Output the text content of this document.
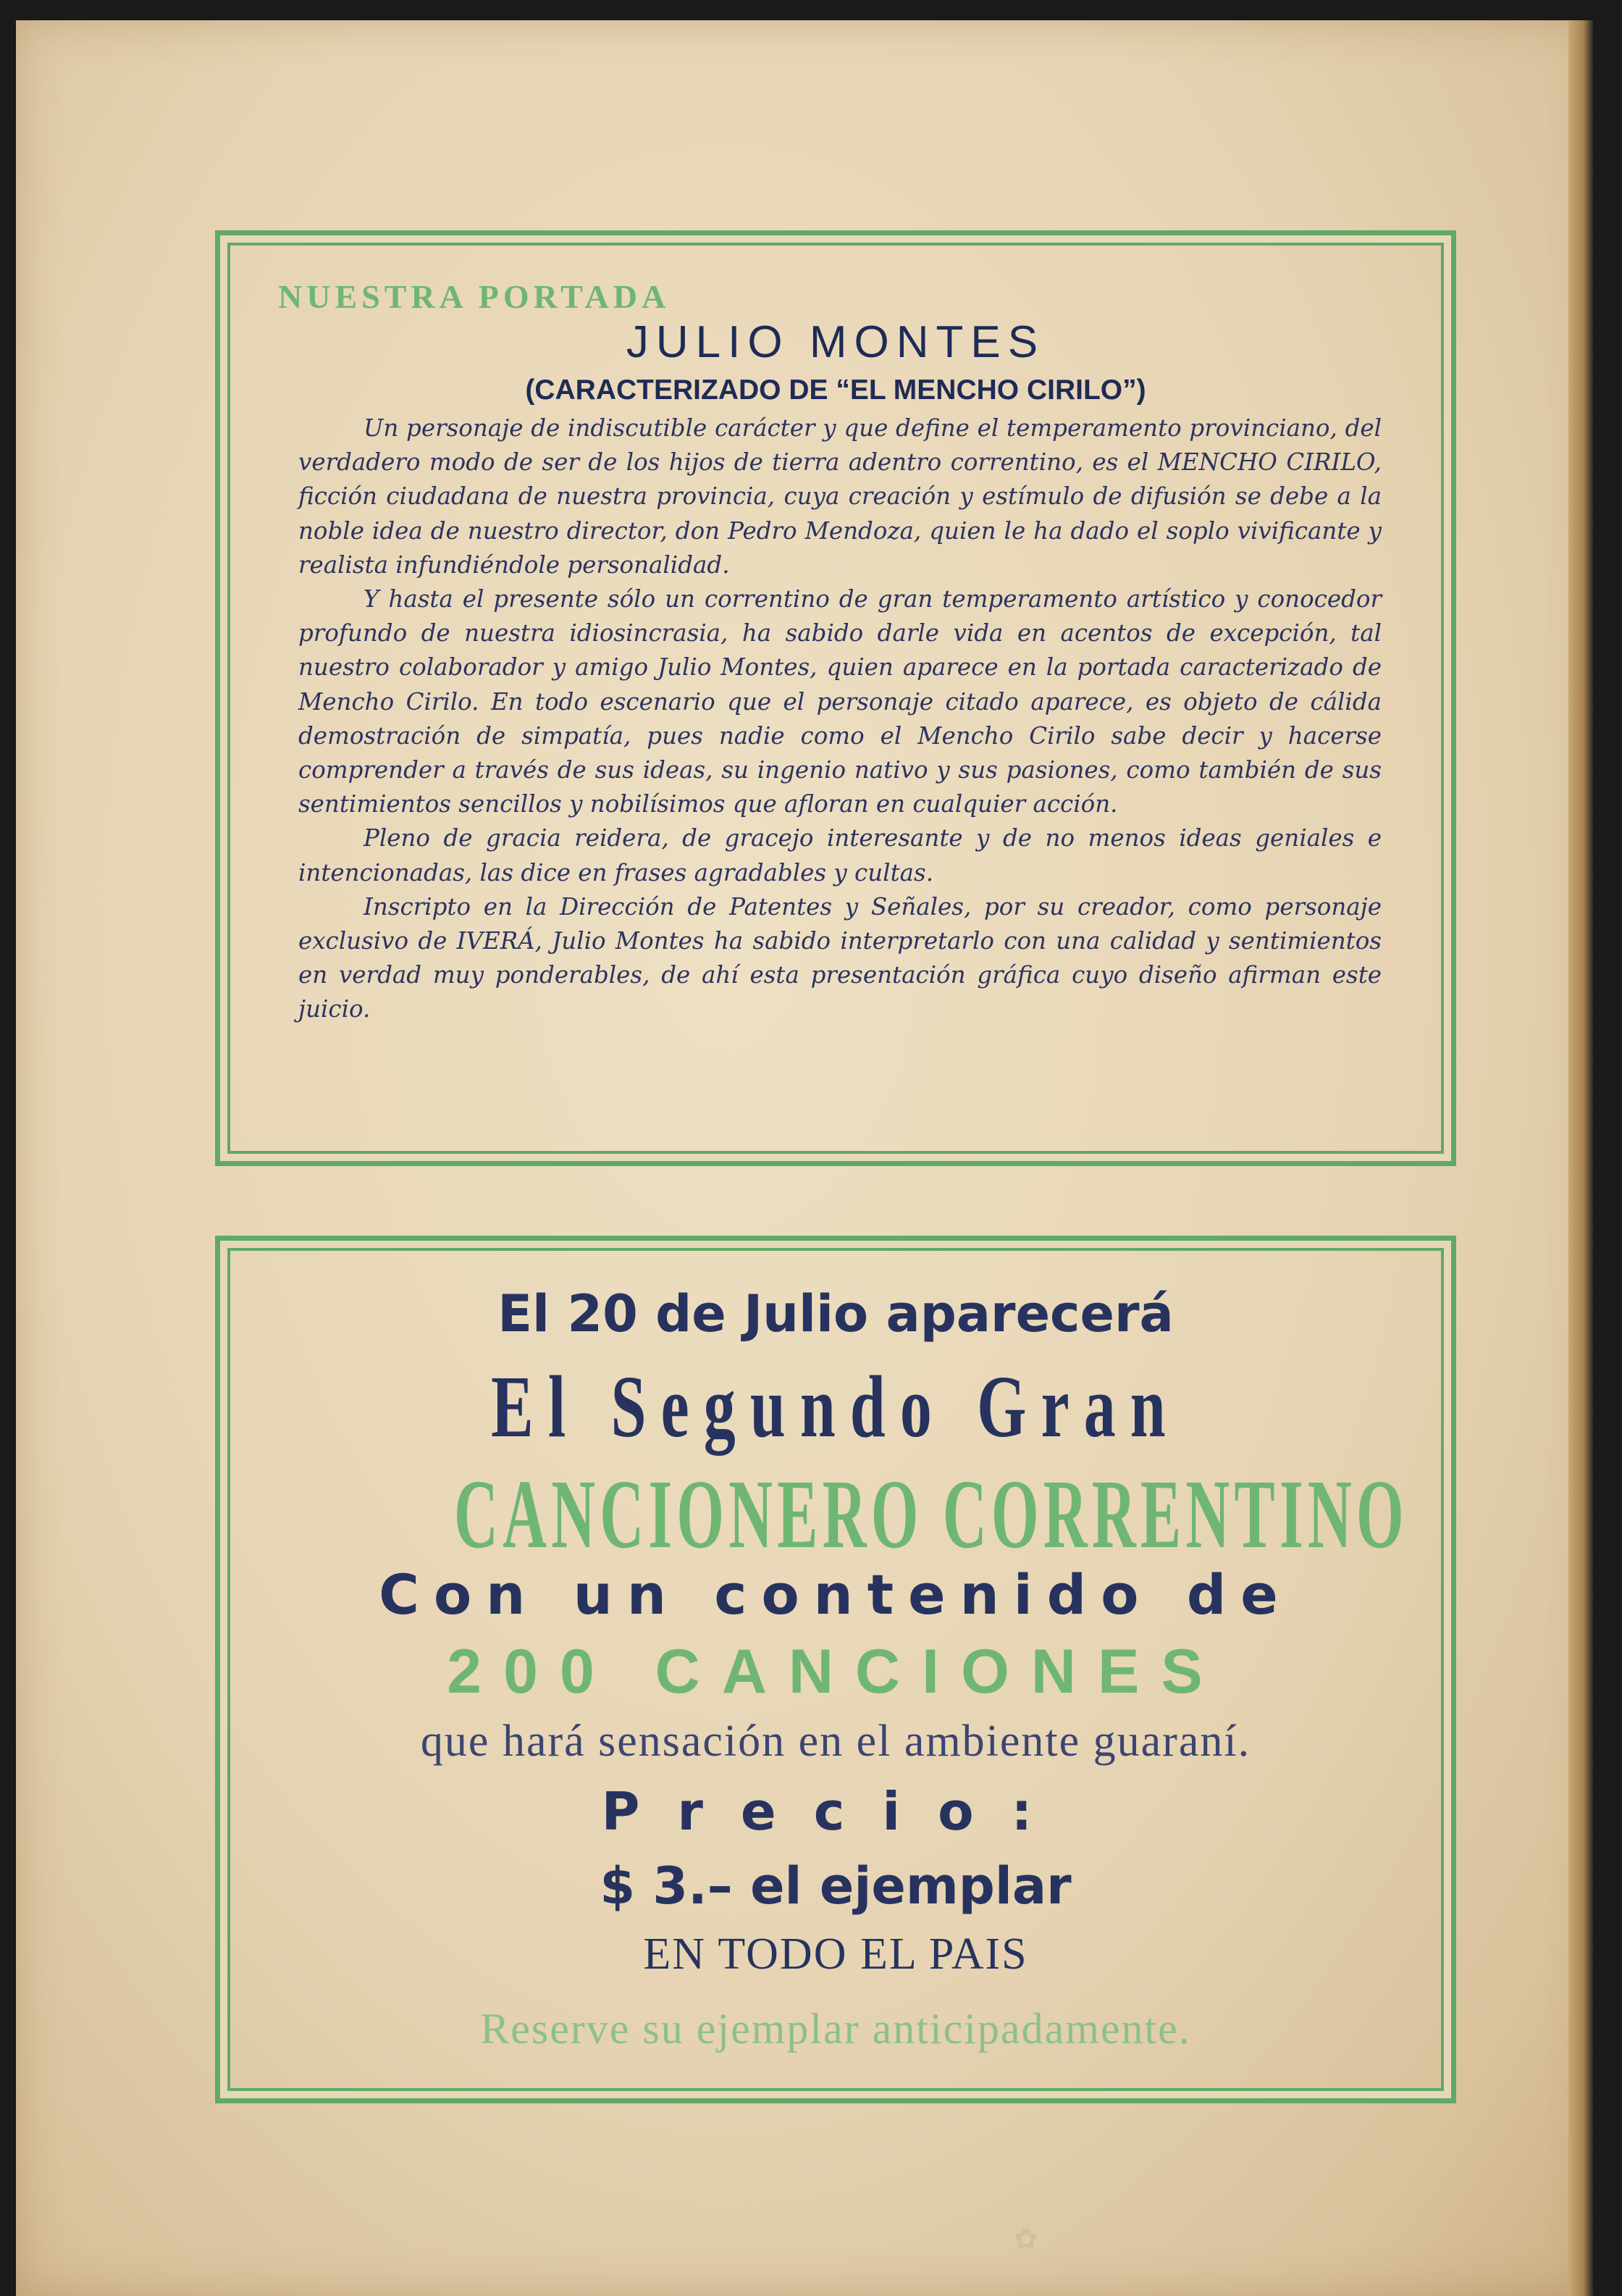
NUESTRA PORTADA
JULIO MONTES
(CARACTERIZADO DE “EL MENCHO CIRILO”)

Un personaje de indiscutible carácter y que define el temperamento provinciano, del verdadero modo de ser de los hijos de tierra adentro correntino, es el MENCHO CIRILO, ficción ciudadana de nuestra provincia, cuya creación y estímulo de difusión se debe a la noble idea de nuestro director, don Pedro Mendoza, quien le ha dado el soplo vivificante y realista infundiéndole personalidad.

Y hasta el presente sólo un correntino de gran temperamento artístico y conocedor profundo de nuestra idiosincrasia, ha sabido darle vida en acentos de excepción, tal nuestro colaborador y amigo Julio Montes, quien aparece en la portada caracterizado de Mencho Cirilo. En todo escenario que el personaje citado aparece, es objeto de cálida demostración de simpatía, pues nadie como el Mencho Cirilo sabe decir y hacerse comprender a través de sus ideas, su ingenio nativo y sus pasiones, como también de sus sentimientos sencillos y nobilísimos que afloran en cualquier acción.

Pleno de gracia reidera, de gracejo interesante y de no menos ideas geniales e intencionadas, las dice en frases agradables y cultas.

Inscripto en la Dirección de Patentes y Señales, por su creador, como personaje exclusivo de IVERÁ, Julio Montes ha sabido interpretarlo con una calidad y sentimientos en verdad muy ponderables, de ahí esta presentación gráfica cuyo diseño afirman este juicio.

El 20 de Julio aparecerá
El Segundo Gran
CANCIONERO CORRENTINO
Con un contenido de
200 CANCIONES
que hará sensación en el ambiente guaraní.
Precio:
$ 3.– el ejemplar
EN TODO EL PAIS
Reserve su ejemplar anticipadamente.
✿
